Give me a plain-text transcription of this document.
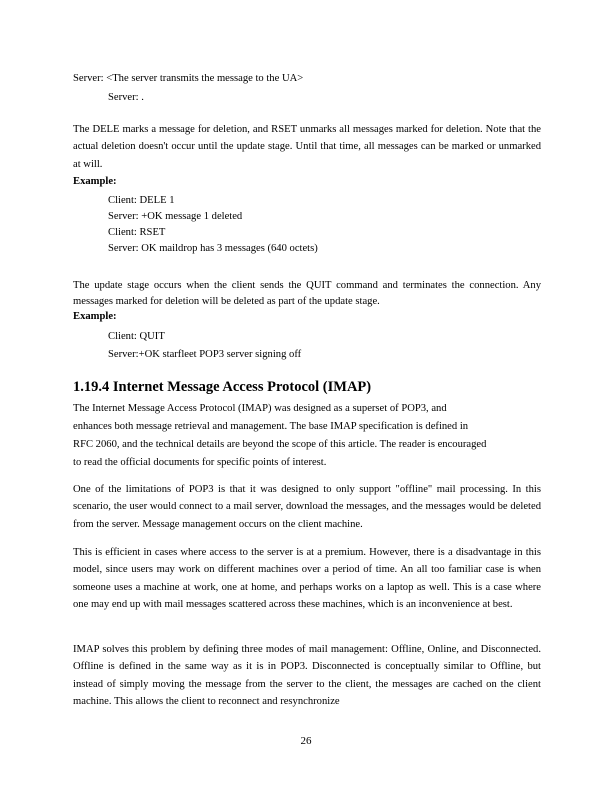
Server: <The server transmits the message to the UA>
Server: .
The DELE marks a message for deletion, and RSET unmarks all messages marked for deletion. Note that the actual deletion doesn't occur until the update stage. Until that time, all messages can be marked or unmarked at will.
Example:
Client: DELE 1
Server: +OK message 1 deleted
Client: RSET
Server: OK maildrop has 3 messages (640 octets)
The update stage occurs when the client sends the QUIT command and terminates the connection. Any messages marked for deletion will be deleted as part of the update stage.
Example:
Client: QUIT
Server:+OK starfleet POP3 server signing off
1.19.4 Internet Message Access Protocol (IMAP)
The Internet Message Access Protocol (IMAP) was designed as a superset of POP3, and
enhances both message retrieval and management. The base IMAP specification is defined in
RFC 2060, and the technical details are beyond the scope of this article. The reader is encouraged
to read the official documents for specific points of interest.
One of the limitations of POP3 is that it was designed to only support "offline" mail processing. In this scenario, the user would connect to a mail server, download the messages, and the messages would be deleted from the server. Message management occurs on the client machine.
This is efficient in cases where access to the server is at a premium. However, there is a disadvantage in this model, since users may work on different machines over a period of time. An all too familiar case is when someone uses a machine at work, one at home, and perhaps works on a laptop as well. This is a case where one may end up with mail messages scattered across these machines, which is an inconvenience at best.
IMAP solves this problem by defining three modes of mail management: Offline, Online, and Disconnected. Offline is defined in the same way as it is in POP3. Disconnected is conceptually similar to Offline, but instead of simply moving the message from the server to the client, the messages are cached on the client machine. This allows the client to reconnect and resynchronize
26
